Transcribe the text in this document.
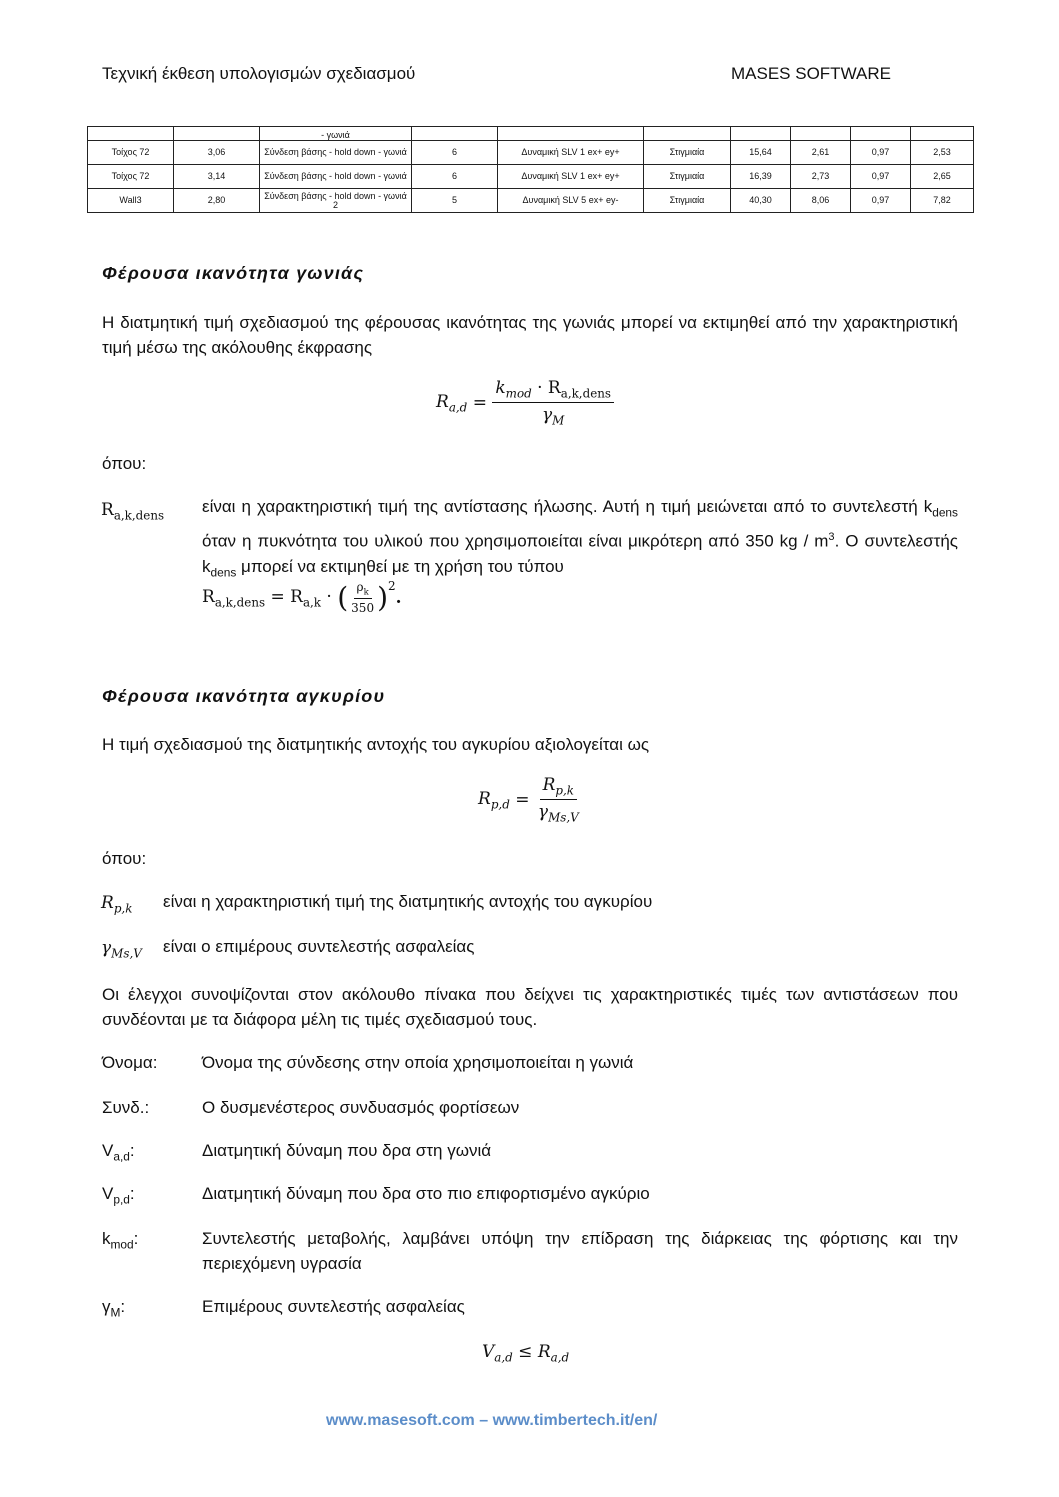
Τεχνική έκθεση υπολογισμών σχεδιασμού	MASES SOFTWARE
		- γωνιά							
Τοίχος 72	3,06	Σύνδεση βάσης - hold down - γωνιά	6	Δυναμική SLV 1 ex+ ey+	Στιγμιαία	15,64	2,61	0,97	2,53
Τοίχος 72	3,14	Σύνδεση βάσης - hold down - γωνιά	6	Δυναμική SLV 1 ex+ ey+	Στιγμιαία	16,39	2,73	0,97	2,65
Wall3	2,80	Σύνδεση βάσης - hold down - γωνιά 2	5	Δυναμική SLV 5 ex+ ey-	Στιγμιαία	40,30	8,06	0,97	7,82
Φέρουσα ικανότητα γωνιάς
Η διατμητική τιμή σχεδιασμού της φέρουσας ικανότητας της γωνιάς μπορεί να εκτιμηθεί από την χαρακτηριστική τιμή μέσω της ακόλουθης έκφρασης
$R_{a,d} = \frac{k_{mod} \cdot R_{a,k,dens}}{\gamma_M}$
όπου:
$R_{a,k,dens}$ είναι η χαρακτηριστική τιμή της αντίστασης ήλωσης. Αυτή η τιμή μειώνεται από το συντελεστή $k_{dens}$ όταν η πυκνότητα του υλικού που χρησιμοποιείται είναι μικρότερη από 350 kg / $m^3$. Ο συντελεστής $k_{dens}$ μπορεί να εκτιμηθεί με τη χρήση του τύπου
$R_{a,k,dens} = R_{a,k}$ · ( $\frac{\rho_k}{350} )^2$
.
Φέρουσα ικανότητα αγκυρίου
Η τιμή σχεδιασμού της διατμητικής αντοχής του αγκυρίου αξιολογείται ως
$R_{p,d} = \frac{R_{p,k}}{\gamma_{Ms,V}}$
όπου:
$R_{p,k}$ είναι η χαρακτηριστική τιμή της διατμητικής αντοχής του αγκυρίου
$\gamma_{Ms,V}$ είναι ο επιμέρους συντελεστής ασφαλείας
Οι έλεγχοι συνοψίζονται στον ακόλουθο πίνακα που δείχνει τις χαρακτηριστικές τιμές των αντιστάσεων που συνδέονται με τα διάφορα μέλη τις τιμές σχεδιασμού τους.
Όνομα:	Όνομα της σύνδεσης στην οποία χρησιμοποιείται η γωνιά
Συνδ.:	Ο δυσμενέστερος συνδυασμός φορτίσεων
$V_{a,d}$:	Διατμητική δύναμη που δρα στη γωνιά
$V_{p,d}$:	Διατμητική δύναμη που δρα στο πιο επιφορτισμένο αγκύριο
$k_{mod}$:	Συντελεστής μεταβολής, λαμβάνει υπόψη την επίδραση της διάρκειας της φόρτισης και την περιεχόμενη υγρασία
$\gamma_M$:	Επιμέρους συντελεστής ασφαλείας
$V_{a,d} \le R_{a,d}$
www.masesoft.com – www.timbertech.it/en/
